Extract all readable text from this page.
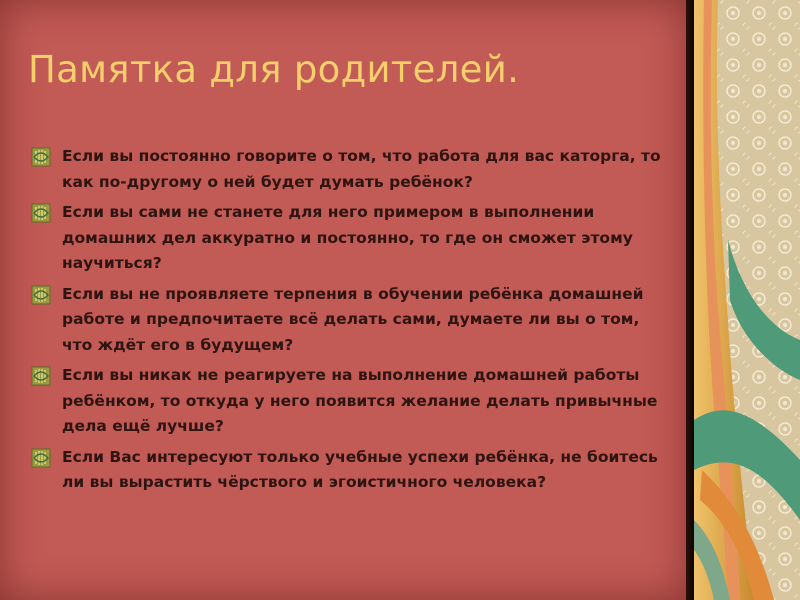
Памятка для родителей.
Если вы постоянно говорите о том, что работа для вас каторга, то как по-другому о ней будет думать ребёнок?
Если вы сами не станете для него примером в выполнении домашних дел аккуратно и постоянно, то где он сможет этому научиться?
Если вы не проявляете терпения в обучении ребёнка домашней работе и предпочитаете всё делать сами, думаете ли вы о том, что ждёт его в будущем?
Если вы никак не реагируете на выполнение домашней работы ребёнком, то откуда у него появится желание делать привычные дела ещё лучше?
Если Вас интересуют только учебные успехи ребёнка, не боитесь ли вы вырастить чёрствого и эгоистичного человека?
